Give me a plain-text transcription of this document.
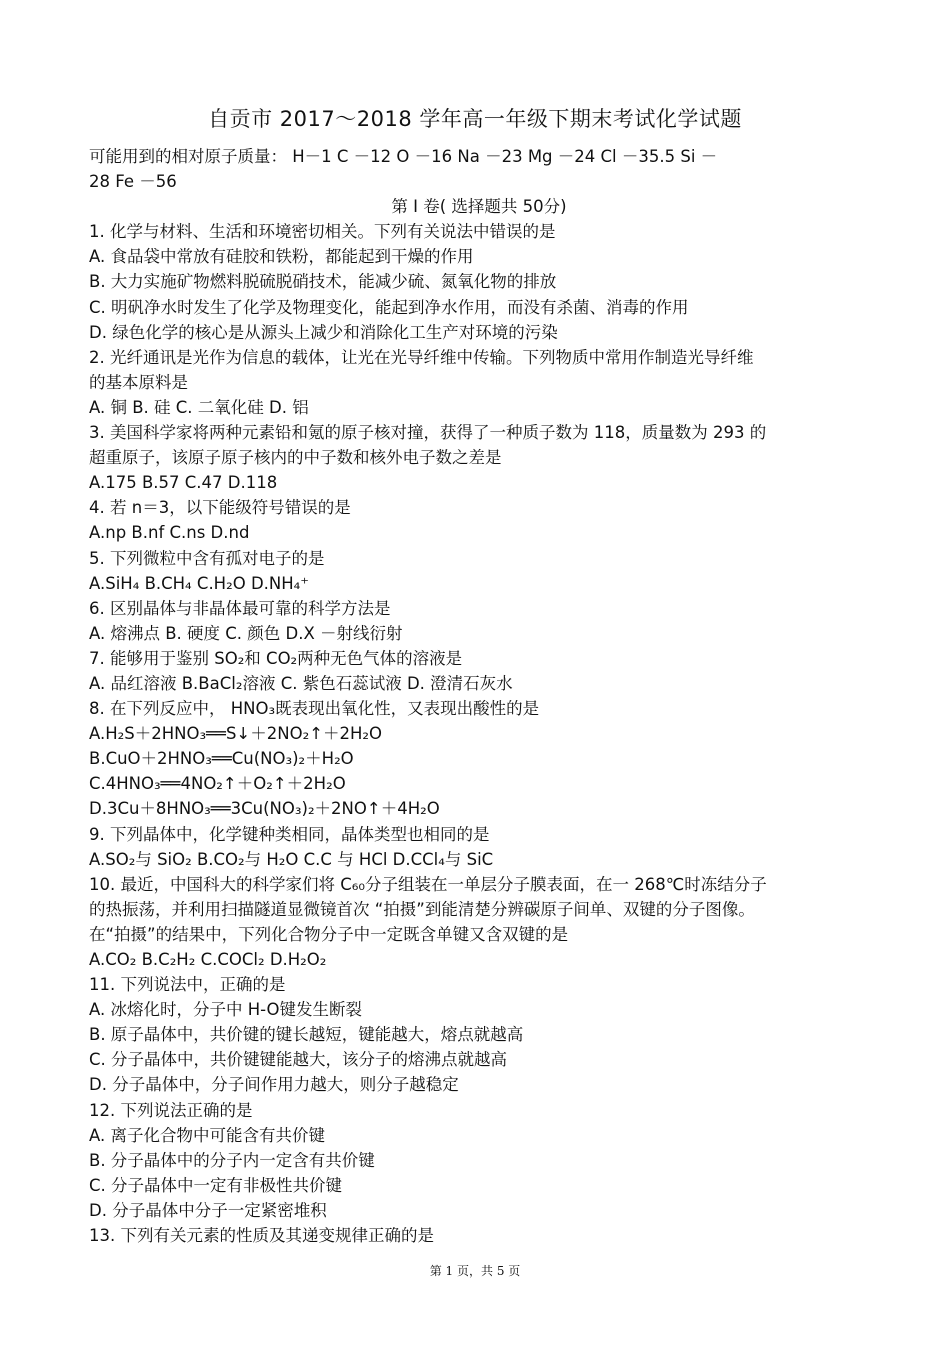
自贡市 2017～2018 学年高一年级下期末考试化学试题
可能用到的相对原子质量： H－1 C －12 O －16 Na －23 Mg －24 Cl －35.5 Si －
28 Fe －56
第 Ⅰ 卷( 选择题共 50分)
1. 化学与材料、生活和环境密切相关。下列有关说法中错误的是
A. 食品袋中常放有硅胶和铁粉，都能起到干燥的作用
B. 大力实施矿物燃料脱硫脱硝技术，能减少硫、氮氧化物的排放
C. 明矾净水时发生了化学及物理变化，能起到净水作用，而没有杀菌、消毒的作用
D. 绿色化学的核心是从源头上减少和消除化工生产对环境的污染
2. 光纤通讯是光作为信息的载体，让光在光导纤维中传输。下列物质中常用作制造光导纤维
的基本原料是
A. 铜 B. 硅 C. 二氧化硅 D. 铝
3. 美国科学家将两种元素铅和氪的原子核对撞，获得了一种质子数为 118，质量数为 293 的
超重原子，该原子原子核内的中子数和核外电子数之差是
A.175 B.57 C.47 D.118
4. 若 n＝3，以下能级符号错误的是
A.np B.nf C.ns D.nd
5. 下列微粒中含有孤对电子的是
A.SiH₄ B.CH₄ C.H₂O D.NH₄⁺
6. 区别晶体与非晶体最可靠的科学方法是
A. 熔沸点 B. 硬度 C. 颜色 D.X －射线衍射
7. 能够用于鉴别 SO₂和 CO₂两种无色气体的溶液是
A. 品红溶液 B.BaCl₂溶液 C. 紫色石蕊试液 D. 澄清石灰水
8. 在下列反应中， HNO₃既表现出氧化性，又表现出酸性的是
A.H₂S＋2HNO₃══S↓＋2NO₂↑＋2H₂O
B.CuO＋2HNO₃══Cu(NO₃)₂＋H₂O
C.4HNO₃══4NO₂↑＋O₂↑＋2H₂O
D.3Cu＋8HNO₃══3Cu(NO₃)₂＋2NO↑＋4H₂O
9. 下列晶体中，化学键种类相同，晶体类型也相同的是
A.SO₂与 SiO₂ B.CO₂与 H₂O C.C 与 HCl D.CCl₄与 SiC
10. 最近，中国科大的科学家们将 C₆₀分子组装在一单层分子膜表面，在一 268℃时冻结分子
的热振荡，并利用扫描隧道显微镜首次 “拍摄”到能清楚分辨碳原子间单、双键的分子图像。
在“拍摄”的结果中，下列化合物分子中一定既含单键又含双键的是
A.CO₂ B.C₂H₂ C.COCl₂ D.H₂O₂
11. 下列说法中，正确的是
A. 冰熔化时，分子中 H-O键发生断裂
B. 原子晶体中，共价键的键长越短，键能越大，熔点就越高
C. 分子晶体中，共价键键能越大，该分子的熔沸点就越高
D. 分子晶体中，分子间作用力越大，则分子越稳定
12. 下列说法正确的是
A. 离子化合物中可能含有共价键
B. 分子晶体中的分子内一定含有共价键
C. 分子晶体中一定有非极性共价键
D. 分子晶体中分子一定紧密堆积
13. 下列有关元素的性质及其递变规律正确的是
第 1 页，共 5 页
